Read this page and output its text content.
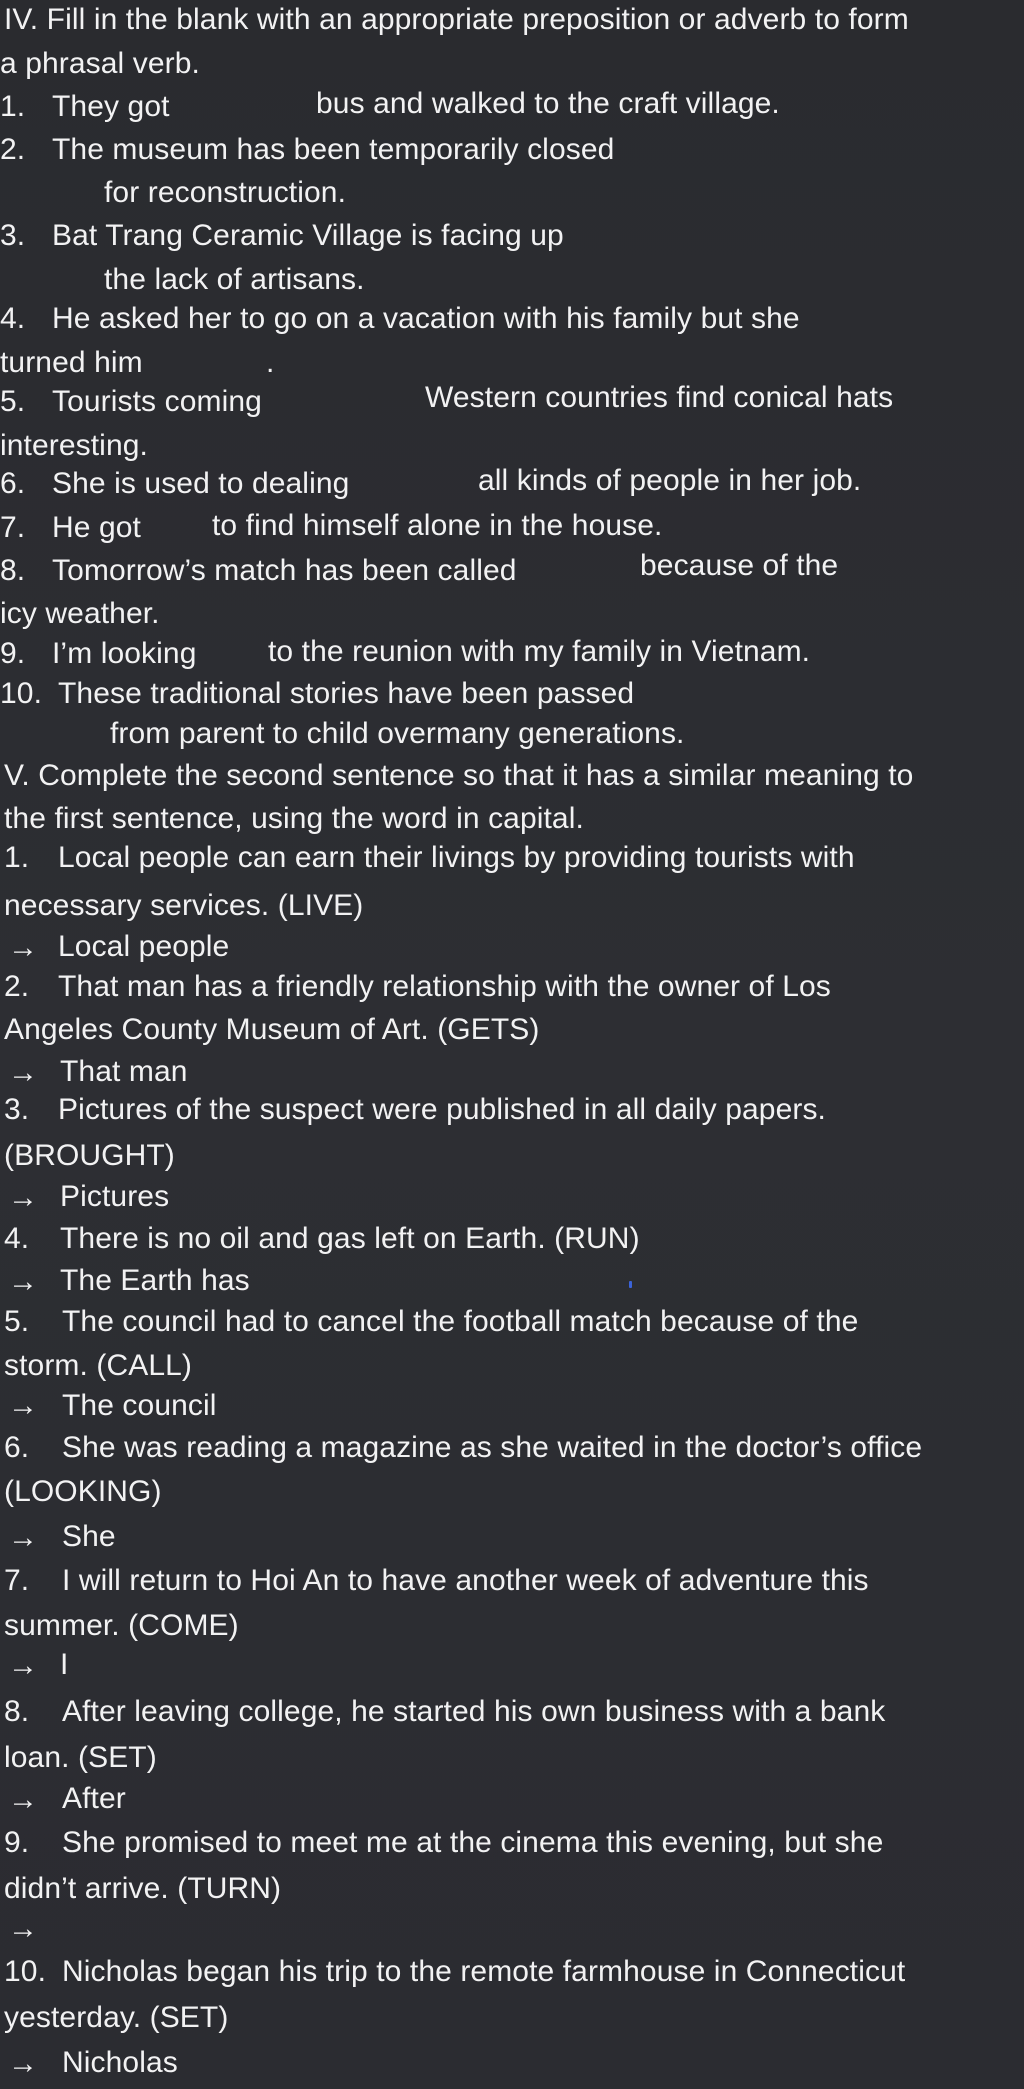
IV. Fill in the blank with an appropriate preposition or adverb to form
a phrasal verb.
1. They got	bus and walked to the craft village.
2. The museum has been temporarily closed
for reconstruction.
3. Bat Trang Ceramic Village is facing up
the lack of artisans.
4. He asked her to go on a vacation with his family but she
turned him	.
5. Tourists coming	Western countries find conical hats
interesting.
6. She is used to dealing	all kinds of people in her job.
7. He got to find himself alone in the house.
8. Tomorrow’s match has been called	because of the
icy weather.
9. I’m looking to the reunion with my family in Vietnam.
10. These traditional stories have been passed
from parent to child overmany generations.
V. Complete the second sentence so that it has a similar meaning to
the first sentence, using the word in capital.
1. Local people can earn their livings by providing tourists with
necessary services. (LIVE)
→ Local people
2. That man has a friendly relationship with the owner of Los
Angeles County Museum of Art. (GETS)
→ That man
3. Pictures of the suspect were published in all daily papers.
(BROUGHT)
→ Pictures
4. There is no oil and gas left on Earth. (RUN)
→ The Earth has
5. The council had to cancel the football match because of the
storm. (CALL)
→ The council
6. She was reading a magazine as she waited in the doctor’s office
(LOOKING)
→ She
7. I will return to Hoi An to have another week of adventure this
summer. (COME)
→ I
8. After leaving college, he started his own business with a bank
loan. (SET)
→ After
9. She promised to meet me at the cinema this evening, but she
didn’t arrive. (TURN)
→
10. Nicholas began his trip to the remote farmhouse in Connecticut
yesterday. (SET)
→ Nicholas
